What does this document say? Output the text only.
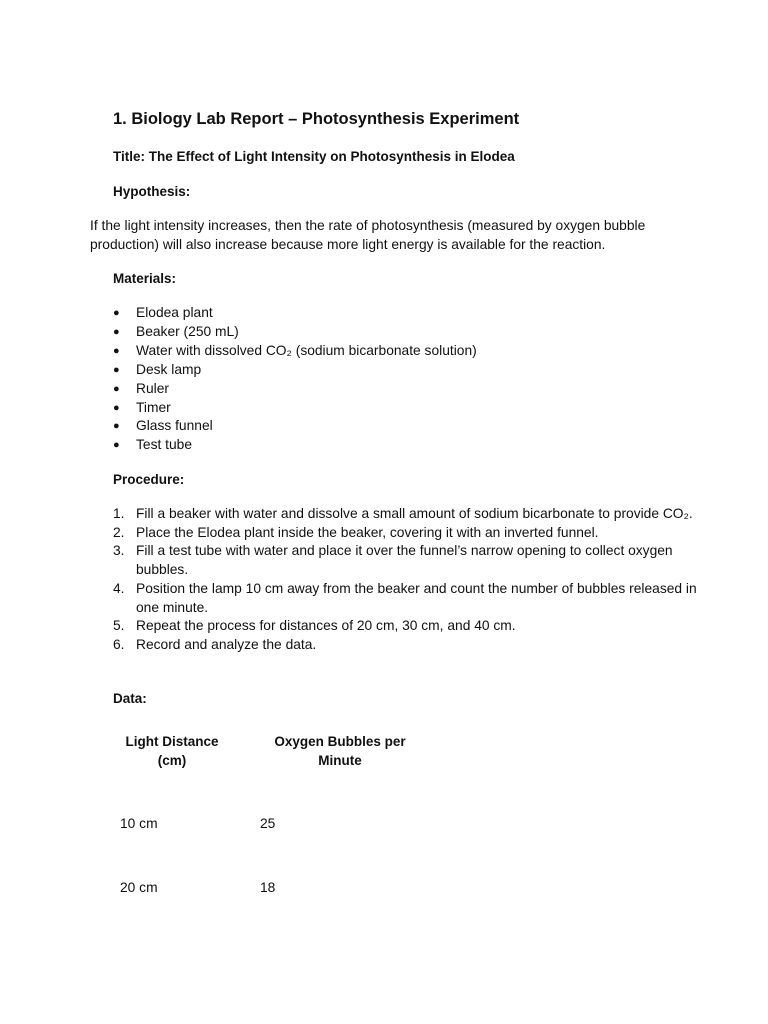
1. Biology Lab Report – Photosynthesis Experiment
Title: The Effect of Light Intensity on Photosynthesis in Elodea
Hypothesis:

If the light intensity increases, then the rate of photosynthesis (measured by oxygen bubble production) will also increase because more light energy is available for the reaction.

Materials:
● Elodea plant
● Beaker (250 mL)
● Water with dissolved CO₂ (sodium bicarbonate solution)
● Desk lamp
● Ruler
● Timer
● Glass funnel
● Test tube
Procedure:
1. Fill a beaker with water and dissolve a small amount of sodium bicarbonate to provide CO₂.
2. Place the Elodea plant inside the beaker, covering it with an inverted funnel.
3. Fill a test tube with water and place it over the funnel’s narrow opening to collect oxygen bubbles.
4. Position the lamp 10 cm away from the beaker and count the number of bubbles released in one minute.
5. Repeat the process for distances of 20 cm, 30 cm, and 40 cm.
6. Record and analyze the data.
Data:
Light Distance (cm)
Oxygen Bubbles per Minute
10 cm	25
20 cm	18
